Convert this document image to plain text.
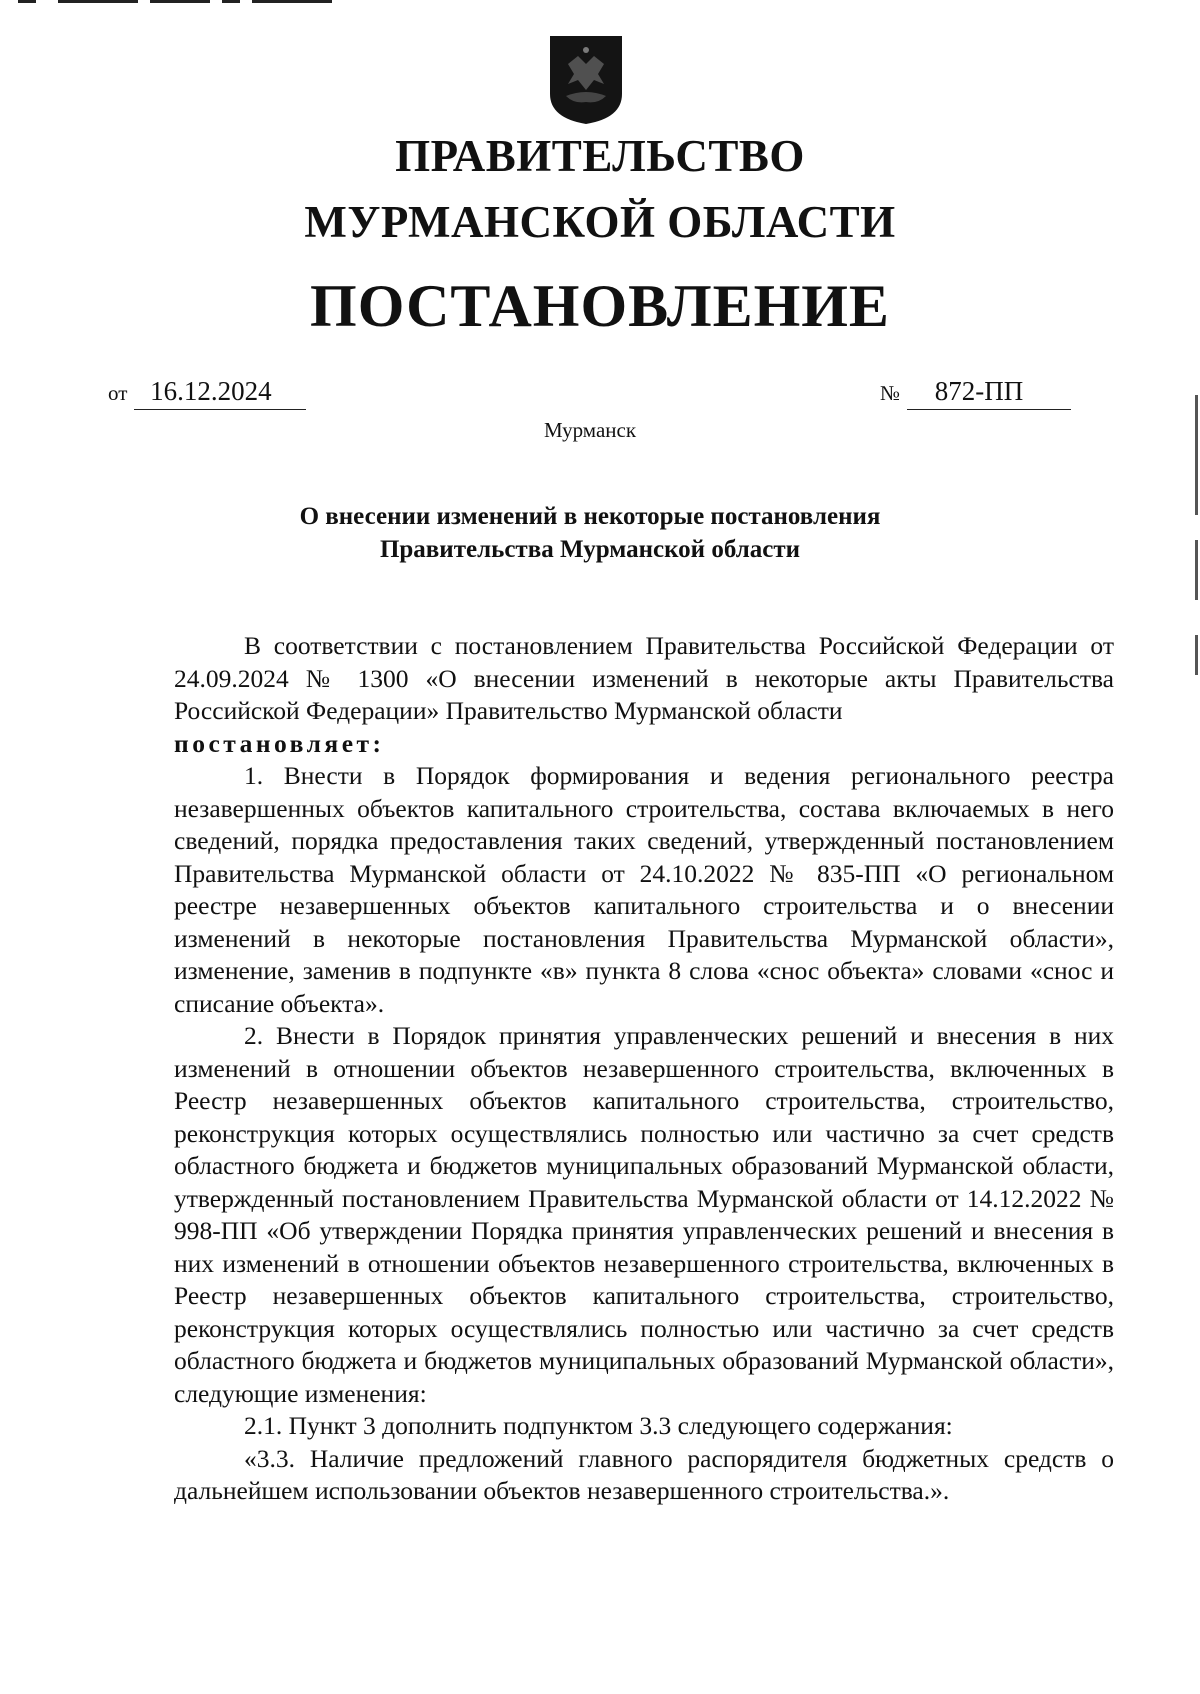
ПРАВИТЕЛЬСТВО
МУРМАНСКОЙ ОБЛАСТИ
ПОСТАНОВЛЕНИЕ
от 16.12.2024	№ 872-ПП
Мурманск
О внесении изменений в некоторые постановления
Правительства Мурманской области

В соответствии с постановлением Правительства Российской Федерации от 24.09.2024 № 1300 «О внесении изменений в некоторые акты Правительства Российской Федерации» Правительство Мурманской области

постановляет:

1. Внести в Порядок формирования и ведения регионального реестра незавершенных объектов капитального строительства, состава включаемых в него сведений, порядка предоставления таких сведений, утвержденный постановлением Правительства Мурманской области от 24.10.2022 № 835-ПП «О региональном реестре незавершенных объектов капитального строительства и о внесении изменений в некоторые постановления Правительства Мурманской области», изменение, заменив в подпункте «в» пункта 8 слова «снос объекта» словами «снос и списание объекта».

2. Внести в Порядок принятия управленческих решений и внесения в них изменений в отношении объектов незавершенного строительства, включенных в Реестр незавершенных объектов капитального строительства, строительство, реконструкция которых осуществлялись полностью или частично за счет средств областного бюджета и бюджетов муниципальных образований Мурманской области, утвержденный постановлением Правительства Мурманской области от 14.12.2022 № 998-ПП «Об утверждении Порядка принятия управленческих решений и внесения в них изменений в отношении объектов незавершенного строительства, включенных в Реестр незавершенных объектов капитального строительства, строительство, реконструкция которых осуществлялись полностью или частично за счет средств областного бюджета и бюджетов муниципальных образований Мурманской области», следующие изменения:

2.1. Пункт 3 дополнить подпунктом 3.3 следующего содержания:

«3.3. Наличие предложений главного распорядителя бюджетных средств о дальнейшем использовании объектов незавершенного строительства.».
